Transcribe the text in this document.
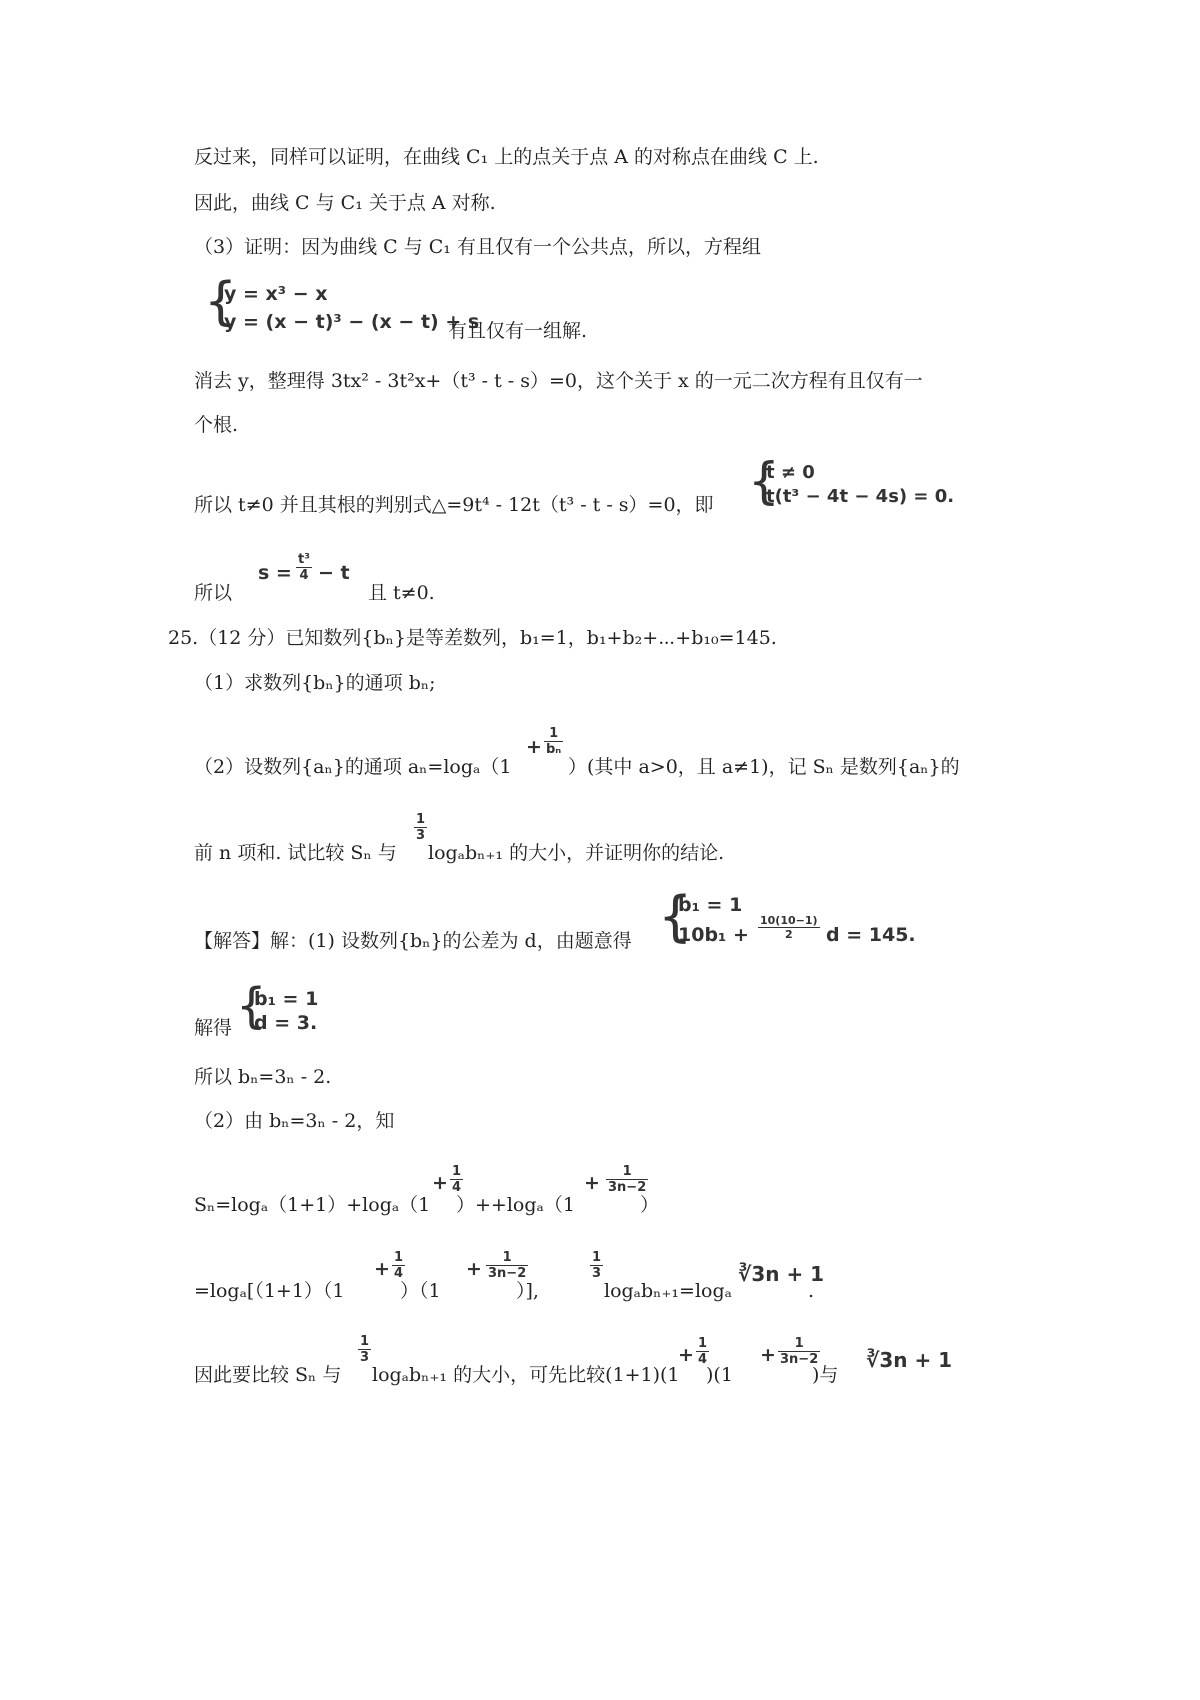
反过来，同样可以证明，在曲线 C₁ 上的点关于点 A 的对称点在曲线 C 上.
因此，曲线 C 与 C₁ 关于点 A 对称.
（3）证明：因为曲线 C 与 C₁ 有且仅有一个公共点，所以，方程组
{
y = x³ − x
y = (x − t)³ − (x − t) + s
有且仅有一组解.
消去 y，整理得 3tx² - 3t²x+（t³ - t - s）=0，这个关于 x 的一元二次方程有且仅有一
个根.
所以 t≠0 并且其根的判别式△=9t⁴ - 12t（t³ - t - s）=0，即 {
t ≠ 0
t(t³ − 4t − 4s) = 0.
所以
$s = \frac{\text{t³}}{4} - t$
且 t≠0.
25.（12 分）已知数列{bₙ}是等差数列，b₁=1，b₁+b₂+⋯+b₁₀=145.
（1）求数列{bₙ}的通项 bₙ;
（2）设数列{aₙ}的通项 aₙ=logₐ（1
+ $\frac{1}{\text{bₙ}}$
）(其中 a>0，且 a≠1)，记 Sₙ 是数列{aₙ}的
前 n 项和. 试比较 Sₙ 与
$\frac{1}{3}$
logₐbₙ₊₁ 的大小，并证明你的结论.
【解答】解：(1) 设数列{bₙ}的公差为 d，由题意得 {
b₁ = 1
$10b_1 + \frac{10(10-1)}{2}$ d = 145.
解得 {
b₁ = 1
d = 3.
所以 bₙ=3ₙ - 2.
（2）由 bₙ=3ₙ - 2，知
Sₙ=logₐ（1+1）+logₐ（1
+ $\frac{1}{4}$
）++logₐ（1
+ $\frac{1}{3n-2}$
）
=logₐ[（1+1）（1
+ $\frac{1}{4}$
）（1
+ $\frac{1}{3n-2}$
）],
$\frac{1}{3}$
logₐbₙ₊₁=logₐ
∛3n + 1
.
因此要比较 Sₙ 与
$\frac{1}{3}$
logₐbₙ₊₁ 的大小，可先比较(1+1)(1
+ $\frac{1}{4}$
)(1
+ $\frac{1}{3n-2}$
)与
∛3n + 1
